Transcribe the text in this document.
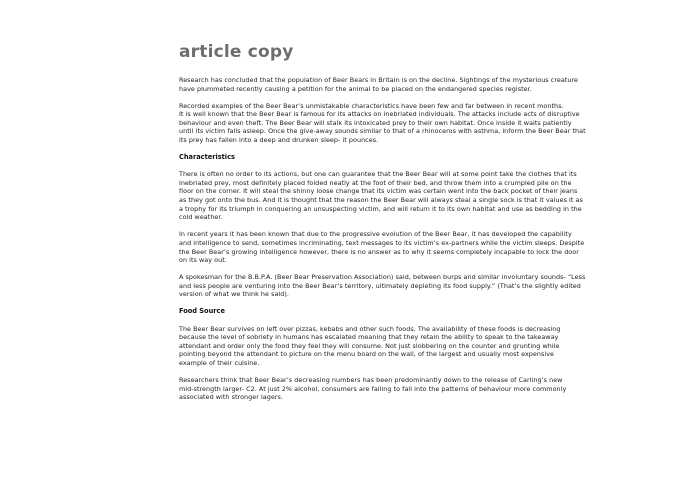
article copy
Research has concluded that the population of Beer Bears in Britain is on the decline. Sightings of the mysterious creature
have plummeted recently causing a petition for the animal to be placed on the endangered species register.
Recorded examples of the Beer Bear’s unmistakable characteristics have been few and far between in recent months.
It is well known that the Beer Bear is famous for its attacks on inebriated individuals. The attacks include acts of disruptive
behaviour and even theft. The Beer Bear will stalk its intoxicated prey to their own habitat. Once inside it waits patiently
until its victim falls asleep. Once the give-away sounds similar to that of a rhinoceros with asthma, inform the Beer Bear that
its prey has fallen into a deep and drunken sleep- it pounces.
Characteristics
There is often no order to its actions, but one can guarantee that the Beer Bear will at some point take the clothes that its
inebriated prey, most definitely placed folded neatly at the foot of their bed, and throw them into a crumpled pile on the
floor on the corner. It will steal the shinny loose change that its victim was certain went into the back pocket of their jeans
as they got onto the bus. And it is thought that the reason the Beer Bear will always steal a single sock is that it values it as
a trophy for its triumph in conquering an unsuspecting victim, and will return it to its own habitat and use as bedding in the
cold weather.
In recent years it has been known that due to the progressive evolution of the Beer Bear, it has developed the capability
and intelligence to send, sometimes incriminating, text messages to its victim’s ex-partners while the victim sleeps. Despite
the Beer Bear’s growing intelligence however, there is no answer as to why it seems completely incapable to lock the door
on its way out.
A spokesman for the B.B.P.A. (Beer Bear Preservation Association) said, between burps and similar involuntary sounds- “Less
and less people are venturing into the Beer Bear’s territory, ultimately depleting its food supply.” (That’s the slightly edited
version of what we think he said).
Food Source
The Beer Bear survives on left over pizzas, kebabs and other such foods. The availability of these foods is decreasing
because the level of sobriety in humans has escalated meaning that they retain the ability to speak to the takeaway
attendant and order only the food they feel they will consume. Not just slobbering on the counter and grunting while
pointing beyond the attendant to picture on the menu board on the wall, of the largest and usually most expensive
example of their cuisine.
Researchers think that Beer Bear’s decreasing numbers has been predominantly down to the release of Carling’s new
mid-strength larger- C2. At just 2% alcohol, consumers are failing to fall into the patterns of behaviour more commonly
associated with stronger lagers.
